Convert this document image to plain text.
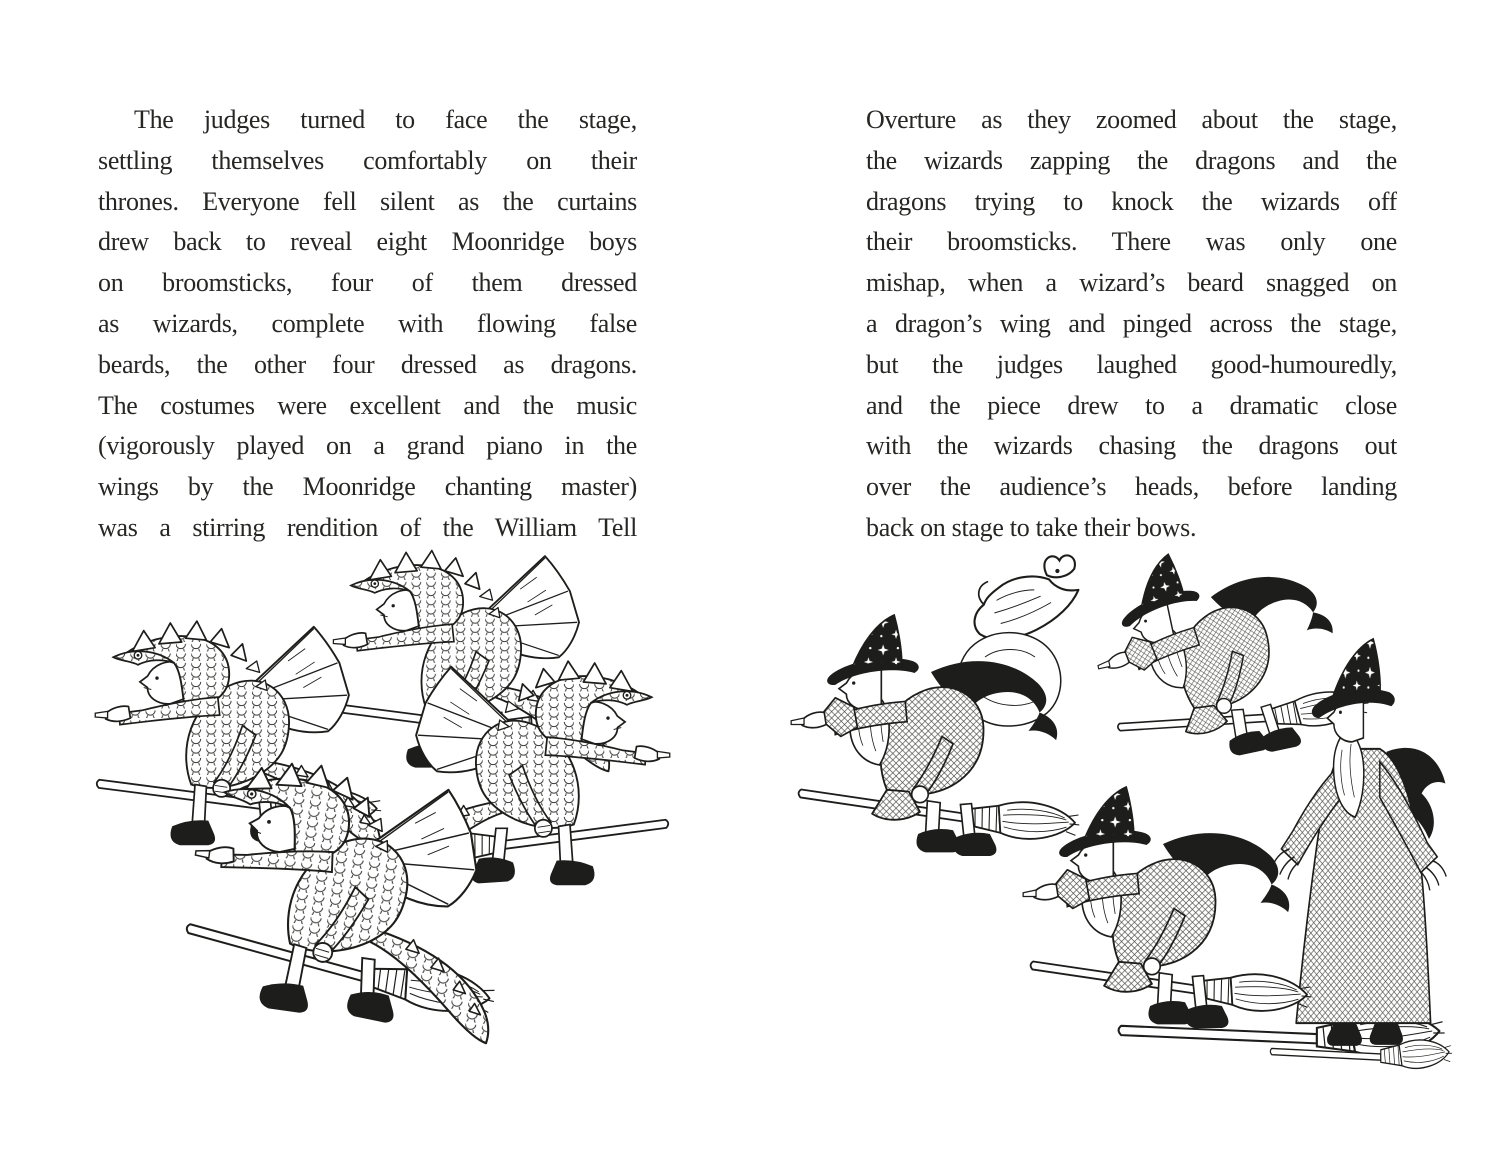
The judges turned to face the stage,
settling themselves comfortably on their
thrones. Everyone fell silent as the curtains
drew back to reveal eight Moonridge boys
on broomsticks, four of them dressed
as wizards, complete with flowing false
beards, the other four dressed as dragons.
The costumes were excellent and the music
(vigorously played on a grand piano in the
wings by the Moonridge chanting master)
was a stirring rendition of the William Tell
Overture as they zoomed about the stage,
the wizards zapping the dragons and the
dragons trying to knock the wizards off
their broomsticks. There was only one
mishap, when a wizard’s beard snagged on
a dragon’s wing and pinged across the stage,
but the judges laughed good-humouredly,
and the piece drew to a dramatic close
with the wizards chasing the dragons out
over the audience’s heads, before landing
back on stage to take their bows.
